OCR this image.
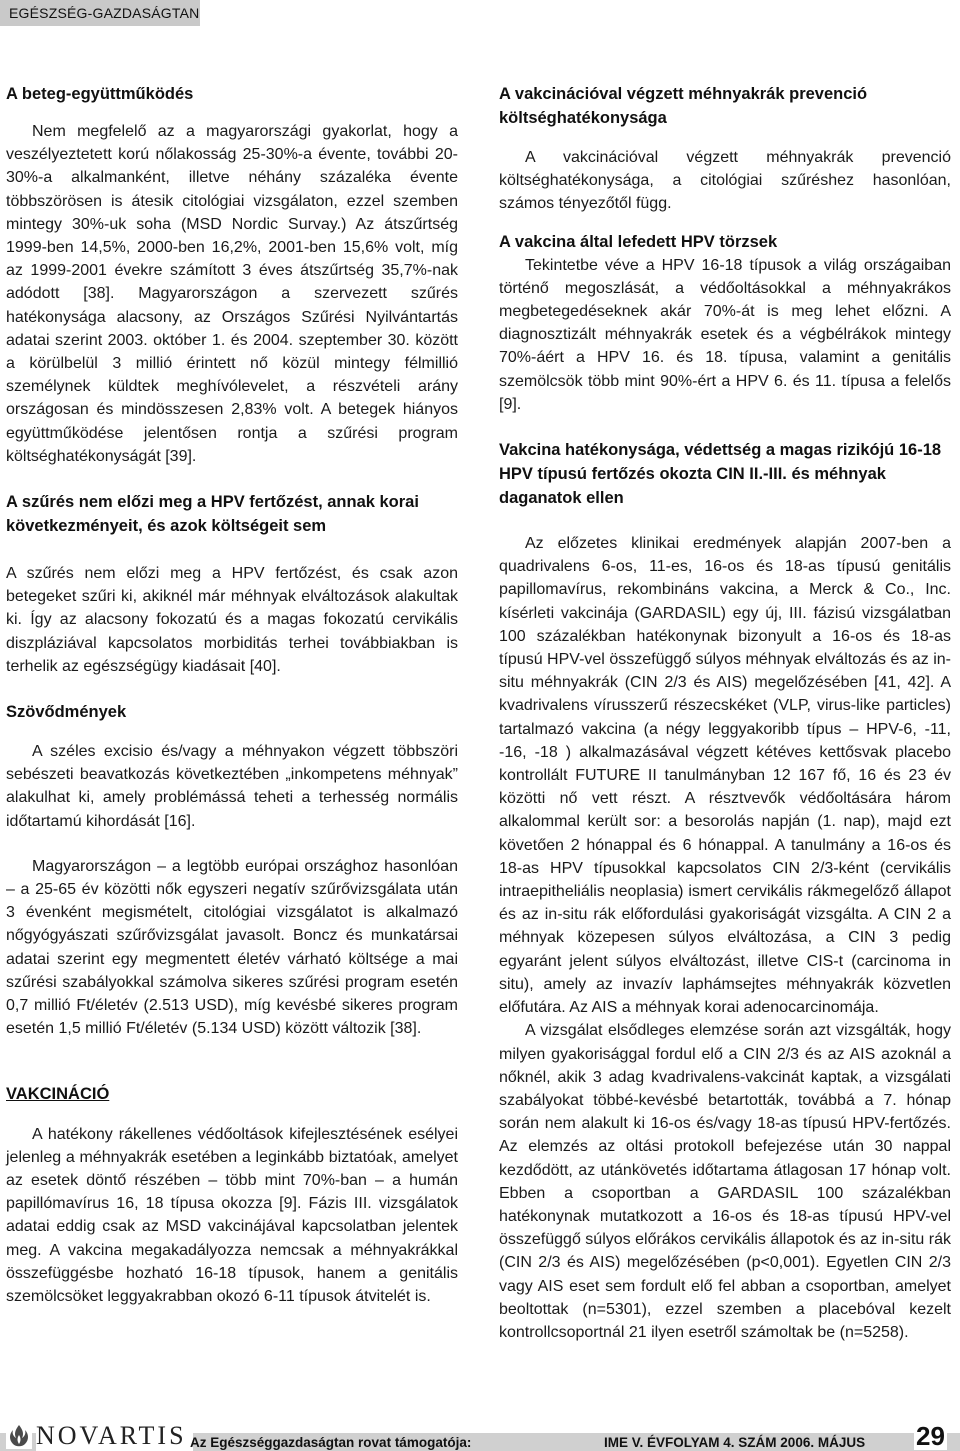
EGÉSZSÉG-GAZDASÁGTAN
A beteg-együttműködés

Nem megfelelő az a magyarországi gyakorlat, hogy a veszélyeztetett korú nőlakosság 25-30%-a évente, további 20-30%-a alkalmanként, illetve néhány százaléka évente többszörösen is átesik citológiai vizsgálaton, ezzel szemben mintegy 30%-uk soha (MSD Nordic Survay.) Az átszűrtség 1999-ben 14,5%, 2000-ben 16,2%, 2001-ben 15,6% volt, míg az 1999-2001 évekre számított 3 éves átszűrtség 35,7%-nak adódott [38]. Magyarországon a szervezett szűrés hatékonysága alacsony, az Országos Szűrési Nyilvántartás adatai szerint 2003. október 1. és 2004. szeptember 30. között a körülbelül 3 millió érintett nő közül mintegy félmillió személynek küldtek meghívólevelet, a részvételi arány országosan és mindösszesen 2,83% volt. A betegek hiányos együttműködése jelentősen rontja a szűrési program költséghatékonyságát [39].

A szűrés nem előzi meg a HPV fertőzést, annak korai következményeit, és azok költségeit sem

A szűrés nem előzi meg a HPV fertőzést, és csak azon betegeket szűri ki, akiknél már méhnyak elváltozások alakultak ki. Így az alacsony fokozatú és a magas fokozatú cervikális diszpláziával kapcsolatos morbiditás terhei továbbiakban is terhelik az egészségügy kiadásait [40].

Szövődmények

A széles excisio és/vagy a méhnyakon végzett többszöri sebészeti beavatkozás következtében „inkompetens méhnyak” alakulhat ki, amely problémássá teheti a terhesség normális időtartamú kihordását [16].

Magyarországon – a legtöbb európai országhoz hasonlóan – a 25-65 év közötti nők egyszeri negatív szűrővizsgálata után 3 évenként megismételt, citológiai vizsgálatot is alkalmazó nőgyógyászati szűrővizsgálat javasolt. Boncz és munkatársai adatai szerint egy megmentett életév várható költsége a mai szűrési szabályokkal számolva sikeres szűrési program esetén 0,7 millió Ft/életév (2.513 USD), míg kevésbé sikeres program esetén 1,5 millió Ft/életév (5.134 USD) között változik [38].

VAKCINÁCIÓ

A hatékony rákellenes védőoltások kifejlesztésének esélyei jelenleg a méhnyakrák esetében a leginkább biztatóak, amelyet az esetek döntő részében – több mint 70%-ban – a humán papillómavírus 16, 18 típusa okozza [9]. Fázis III. vizsgálatok adatai eddig csak az MSD vakcinájával kapcsolatban jelentek meg. A vakcina megakadályozza nemcsak a méhnyakrákkal összefüggésbe hozható 16-18 típusok, hanem a genitális szemölcsöket leggyakrabban okozó 6-11 típusok átvitelét is.

A vakcinációval végzett méhnyakrák prevenció költséghatékonysága

A vakcinációval végzett méhnyakrák prevenció költséghatékonysága, a citológiai szűréshez hasonlóan, számos tényezőtől függ.

A vakcina által lefedett HPV törzsek

Tekintetbe véve a HPV 16-18 típusok a világ országaiban történő megoszlását, a védőoltásokkal a méhnyakrákos megbetegedéseknek akár 70%-át is meg lehet előzni. A diagnosztizált méhnyakrák esetek és a végbélrákok mintegy 70%-áért a HPV 16. és 18. típusa, valamint a genitális szemölcsök több mint 90%-ért a HPV 6. és 11. típusa a felelős [9].

Vakcina hatékonysága, védettség a magas rizikójú 16-18 HPV típusú fertőzés okozta CIN II.-III. és méhnyak daganatok ellen

Az előzetes klinikai eredmények alapján 2007-ben a quadrivalens 6-os, 11-es, 16-os és 18-as típusú genitális papillomavírus, rekombináns vakcina, a Merck & Co., Inc. kísérleti vakcinája (GARDASIL) egy új, III. fázisú vizsgálatban 100 százalékban hatékonynak bizonyult a 16-os és 18-as típusú HPV-vel összefüggő súlyos méhnyak elváltozás és az in-situ méhnyakrák (CIN 2/3 és AIS) megelőzésében [41, 42]. A kvadrivalens vírusszerű részecskéket (VLP, virus-like particles) tartalmazó vakcina (a négy leggyakoribb típus – HPV-6, -11, -16, -18 ) alkalmazásával végzett kétéves kettősvak placebo kontrollált FUTURE II tanulmányban 12 167 fő, 16 és 23 év közötti nő vett részt. A résztvevők védőoltására három alkalommal került sor: a besorolás napján (1. nap), majd ezt követően 2 hónappal és 6 hónappal. A tanulmány a 16-os és 18-as HPV típusokkal kapcsolatos CIN 2/3-ként (cervikális intraepitheliális neoplasia) ismert cervikális rákmegelőző állapot és az in-situ rák előfordulási gyakoriságát vizsgálta. A CIN 2 a méhnyak közepesen súlyos elváltozása, a CIN 3 pedig egyaránt jelent súlyos elváltozást, illetve CIS-t (carcinoma in situ), amely az invazív laphámsejtes méhnyakrák közvetlen előfutára. Az AIS a méhnyak korai adenocarcinomája.

A vizsgálat elsődleges elemzése során azt vizsgálták, hogy milyen gyakorisággal fordul elő a CIN 2/3 és az AIS azoknál a nőknél, akik 3 adag kvadrivalens-vakcinát kaptak, a vizsgálati szabályokat többé-kevésbé betartották, továbbá a 7. hónap során nem alakult ki 16-os és/vagy 18-as típusú HPV-fertőzés. Az elemzés az oltási protokoll befejezése után 30 nappal kezdődött, az utánkövetés időtartama átlagosan 17 hónap volt. Ebben a csoportban a GARDASIL 100 százalékban hatékonynak mutatkozott a 16-os és 18-as típusú HPV-vel összefüggő súlyos előrákos cervikális állapotok és az in-situ rák (CIN 2/3 és AIS) megelőzésében (p<0,001). Egyetlen CIN 2/3 vagy AIS eset sem fordult elő fel abban a csoportban, amelyet beoltottak (n=5301), ezzel szemben a placebóval kezelt kontrollcsoportnál 21 ilyen esetről számoltak be (n=5258).

NOVARTIS Az Egészséggazdaságtan rovat támogatója:	IME V. ÉVFOLYAM 4. SZÁM 2006. MÁJUS 29
